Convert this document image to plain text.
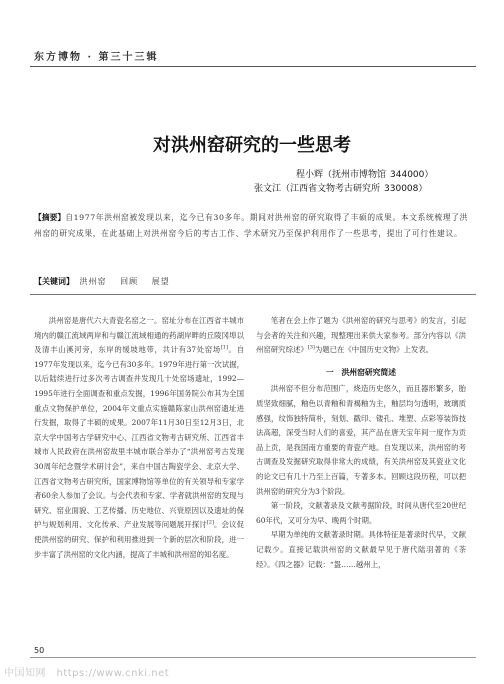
东方博物 · 第三十三辑
对洪州窑研究的一些思考
程小辉（抚州市博物馆 344000）
张文江（江西省文物考古研究所 330008）
【摘要】自1977年洪州窑被发现以来，迄今已有30多年。期间对洪州窑的研究取得了丰硕的成果。本文系统梳理了洪州窑的研究成果，在此基础上对洪州窑今后的考古工作、学术研究乃至保护利用作了一些思考，提出了可行性建议。
【关键词】 洪州窑 回顾 展望

洪州窑是唐代六大青瓷名窑之一。窑址分布在江西省丰城市境内的赣江流域两岸和与赣江流域相通的药湖岸畔的丘陵冈埠以及清丰山溪河旁，东岸的缓坡地带，共计有37处窑场[1]。自1977年发现以来，迄今已有30多年。1979年进行第一次试掘，以后陆续进行过多次考古调查并发现几十处窑场遗址，1992—1995年进行全面调查和重点发掘，1996年国务院公布其为全国重点文物保护单位，2004年文重点实施赣陈家山洪州窑遗址进行发掘，取得了丰硕的成果。2007年11月30日至12月3日，北京大学中国考古学研究中心、江西省文物考古研究所、江西省丰城市人民政府在洪州窑故里丰城市联合举办了“洪州窑考古发现30周年纪念暨学术研讨会”，来自中国古陶瓷学会、北京大学、江西省文物考古研究所，国家博物馆等单位的有关领导和专家学者60余人参加了会议。与会代表和专家、学者就洪州窑的发现与研究、窑业面貌、工艺传播、历史地位、兴衰原因以及遗址的保护与规划利用、文化传承、产业发展等问题展开探讨[2]。会议促使洪州窑的研究、保护和利用推进到一个新的层次和阶段，进一步丰富了洪州窑的文化内涵，提高了丰城和洪州窑的知名度。

笔者在会上作了题为《洪州窑的研究与思考》的发言，引起与会者的关注和兴趣，现整理出来供大家参考。部分内容以《洪州窑研究综述》[3]为题已在《中国历史文物》上发表。

一　洪州窑研究简述

洪州窑不但分布范围广，烧造历史悠久，而且器形繁多，胎质坚致细腻，釉色以青釉和青褐釉为主，釉层均匀透明，玻璃质感强，纹饰独特简朴，刻划、戳印、镂孔、堆塑、点彩等装饰技法高超，深受当时人们的喜爱，其产品在唐天宝年间一度作为贡品上贡，是我国南方重要的青瓷产地。自发现以来，洪州窑的考古调查及发掘研究取得非常大的成绩，有关洪州窑及其瓷业文化的论文已有几十乃至上百篇，专著多本。回顾这段历程，可以把洪州窑的研究分为3个阶段。

第一阶段，文献著录及文献考据阶段，时间从唐代至20世纪60年代，又可分为早、晚两个时期。

早期为单纯的文献著录时期。具体特征是著录时代早，文献记载少。直接记载洪州窑的文献最早见于唐代陆羽著的《茶经》。《四之器》记载：“盌……越州上，

50
中国知网　https://www.cnki.net
